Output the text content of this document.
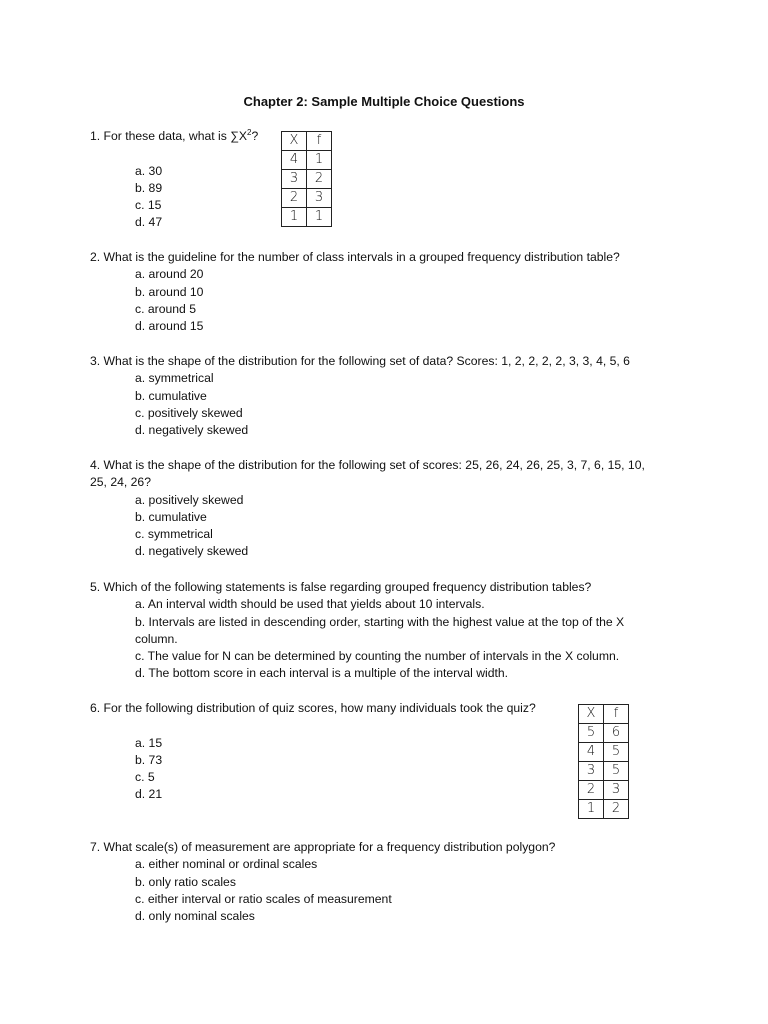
Chapter 2: Sample Multiple Choice Questions
1. For these data, what is $\sum X^2$?
a. 30
b. 89
c. 15
d. 47
X	f
4	1
3	2
2	3
1	1
2. What is the guideline for the number of class intervals in a grouped frequency distribution table?
a. around 20
b. around 10
c. around 5
d. around 15
3. What is the shape of the distribution for the following set of data? Scores: 1, 2, 2, 2, 2, 3, 3, 4, 5, 6
a. symmetrical
b. cumulative
c. positively skewed
d. negatively skewed
4. What is the shape of the distribution for the following set of scores: 25, 26, 24, 26, 25, 3, 7, 6, 15, 10, 25, 24, 26?
a. positively skewed
b. cumulative
c. symmetrical
d. negatively skewed
5. Which of the following statements is false regarding grouped frequency distribution tables?
a. An interval width should be used that yields about 10 intervals.
b. Intervals are listed in descending order, starting with the highest value at the top of the X column.
c. The value for N can be determined by counting the number of intervals in the X column.
d. The bottom score in each interval is a multiple of the interval width.
6. For the following distribution of quiz scores, how many individuals took the quiz?
a. 15
b. 73
c. 5
d. 21
X	f
5	6
4	5
3	5
2	3
1	2
7. What scale(s) of measurement are appropriate for a frequency distribution polygon?
a. either nominal or ordinal scales
b. only ratio scales
c. either interval or ratio scales of measurement
d. only nominal scales
